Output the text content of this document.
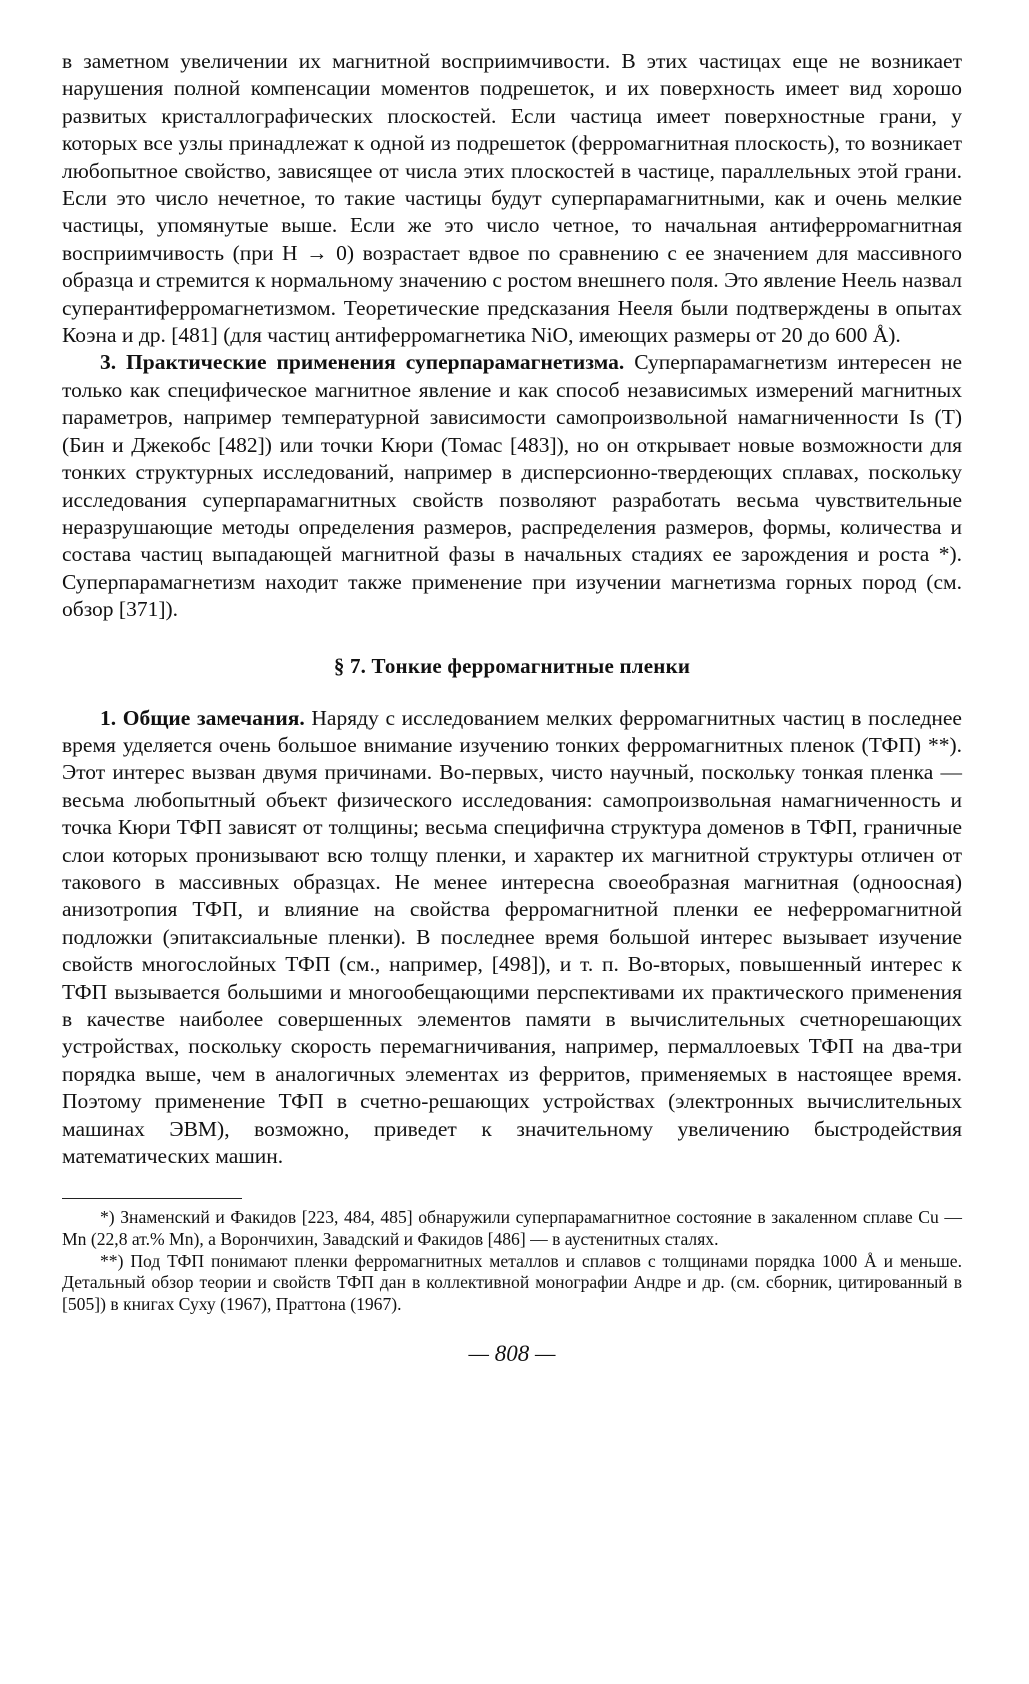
в заметном увеличении их магнитной восприимчивости. В этих частицах еще не возникает нарушения полной компенсации моментов подрешеток, и их поверхность имеет вид хорошо развитых кристаллографических плоскостей. Если частица имеет поверхностные грани, у которых все узлы принадлежат к одной из подрешеток (ферромагнитная плоскость), то возникает любопытное свойство, зависящее от числа этих плоскостей в частице, параллельных этой грани. Если это число нечетное, то такие частицы будут суперпарамагнитными, как и очень мелкие частицы, упомянутые выше. Если же это число четное, то начальная антиферромагнитная восприимчивость (при H → 0) возрастает вдвое по сравнению с ее значением для массивного образца и стремится к нормальному значению с ростом внешнего поля. Это явление Неель назвал суперантиферромагнетизмом. Теоретические предсказания Нееля были подтверждены в опытах Коэна и др. [481] (для частиц антиферромагнетика NiO, имеющих размеры от 20 до 600 Å).

3. Практические применения суперпарамагнетизма. Суперпарамагнетизм интересен не только как специфическое магнитное явление и как способ независимых измерений магнитных параметров, например температурной зависимости самопроизвольной намагниченности Is (T) (Бин и Джекобс [482]) или точки Кюри (Томас [483]), но он открывает новые возможности для тонких структурных исследований, например в дисперсионно-твердеющих сплавах, поскольку исследования суперпарамагнитных свойств позволяют разработать весьма чувствительные неразрушающие методы определения размеров, распределения размеров, формы, количества и состава частиц выпадающей магнитной фазы в начальных стадиях ее зарождения и роста *). Суперпарамагнетизм находит также применение при изучении магнетизма горных пород (см. обзор [371]).

§ 7. Тонкие ферромагнитные пленки

1. Общие замечания. Наряду с исследованием мелких ферромагнитных частиц в последнее время уделяется очень большое внимание изучению тонких ферромагнитных пленок (ТФП) **). Этот интерес вызван двумя причинами. Во-первых, чисто научный, поскольку тонкая пленка — весьма любопытный объект физического исследования: самопроизвольная намагниченность и точка Кюри ТФП зависят от толщины; весьма специфична структура доменов в ТФП, граничные слои которых пронизывают всю толщу пленки, и характер их магнитной структуры отличен от такового в массивных образцах. Не менее интересна своеобразная магнитная (одноосная) анизотропия ТФП, и влияние на свойства ферромагнитной пленки ее неферромагнитной подложки (эпитаксиальные пленки). В последнее время большой интерес вызывает изучение свойств многослойных ТФП (см., например, [498]), и т. п. Во-вторых, повышенный интерес к ТФП вызывается большими и многообещающими перспективами их практического применения в качестве наиболее совершенных элементов памяти в вычислительных счетнорешающих устройствах, поскольку скорость перемагничивания, например, пермаллоевых ТФП на два-три порядка выше, чем в аналогичных элементах из ферритов, применяемых в настоящее время. Поэтому применение ТФП в счетно-решающих устройствах (электронных вычислительных машинах ЭВМ), возможно, приведет к значительному увеличению быстродействия математических машин.

*) Знаменский и Факидов [223, 484, 485] обнаружили суперпарамагнитное состояние в закаленном сплаве Cu — Mn (22,8 ат.% Mn), а Ворончихин, Завадский и Факидов [486] — в аустенитных сталях.

**) Под ТФП понимают пленки ферромагнитных металлов и сплавов с толщинами порядка 1000 Å и меньше. Детальный обзор теории и свойств ТФП дан в коллективной монографии Андре и др. (см. сборник, цитированный в [505]) в книгах Суху (1967), Праттона (1967).

— 808 —
